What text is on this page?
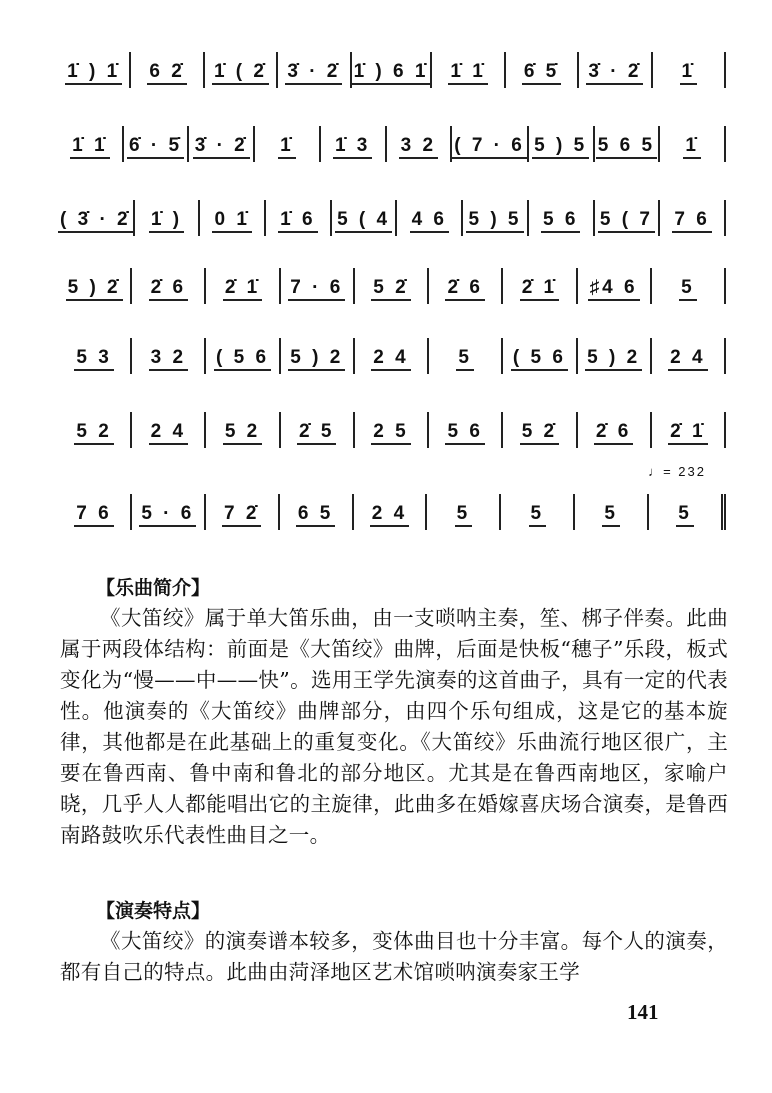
1̇ ) 1̇ 6 2̇ 1̇ ( 2̇ 3̇ · 2̇ 1̇ ) 6 1̇ 1̇ 1̇ 6̇ 5̇ 3̇ · 2̇ 1̇
1̇ 1̇ 6̇ · 5̇ 3̇ · 2̇ 1̇ 1̇ 3 3 2 ( 7 · 6 5 ) 5 5 6 5 1̇
( 3̇ · 2̇ 1̇ ) 0 1̇ 1̇ 6 5 ( 4 4 6 5 ) 5 5 6 5 ( 7 7 6
5 ) 2̇ 2̇ 6 2̇ 1̇ 7 · 6 5 2̇ 2̇ 6 2̇ 1̇ ♯4 6 5
5 3 3 2 ( 5 6 5 ) 2 2 4	5 ( 5 6 5 ) 2 2 4
5 2 2 4 5 2 2̇ 5 2 5 5 6 5 2̇ 2̇ 6 2̇ 1̇
7 6 5 · 6 7 2̇ 6 5 2 4	5	5	5	5
♩= 232
【乐曲简介】

《大笛绞》属于单大笛乐曲，由一支唢呐主奏，笙、梆子伴奏。此曲属于两段体结构：前面是《大笛绞》曲牌，后面是快板“穗子”乐段，板式变化为“慢——中——快”。选用王学先演奏的这首曲子，具有一定的代表性。他演奏的《大笛绞》曲牌部分，由四个乐句组成，这是它的基本旋律，其他都是在此基础上的重复变化。《大笛绞》乐曲流行地区很广，主要在鲁西南、鲁中南和鲁北的部分地区。尤其是在鲁西南地区，家喻户晓，几乎人人都能唱出它的主旋律，此曲多在婚嫁喜庆场合演奏，是鲁西南路鼓吹乐代表性曲目之一。

【演奏特点】

《大笛绞》的演奏谱本较多，变体曲目也十分丰富。每个人的演奏，都有自己的特点。此曲由菏泽地区艺术馆唢呐演奏家王学

141
